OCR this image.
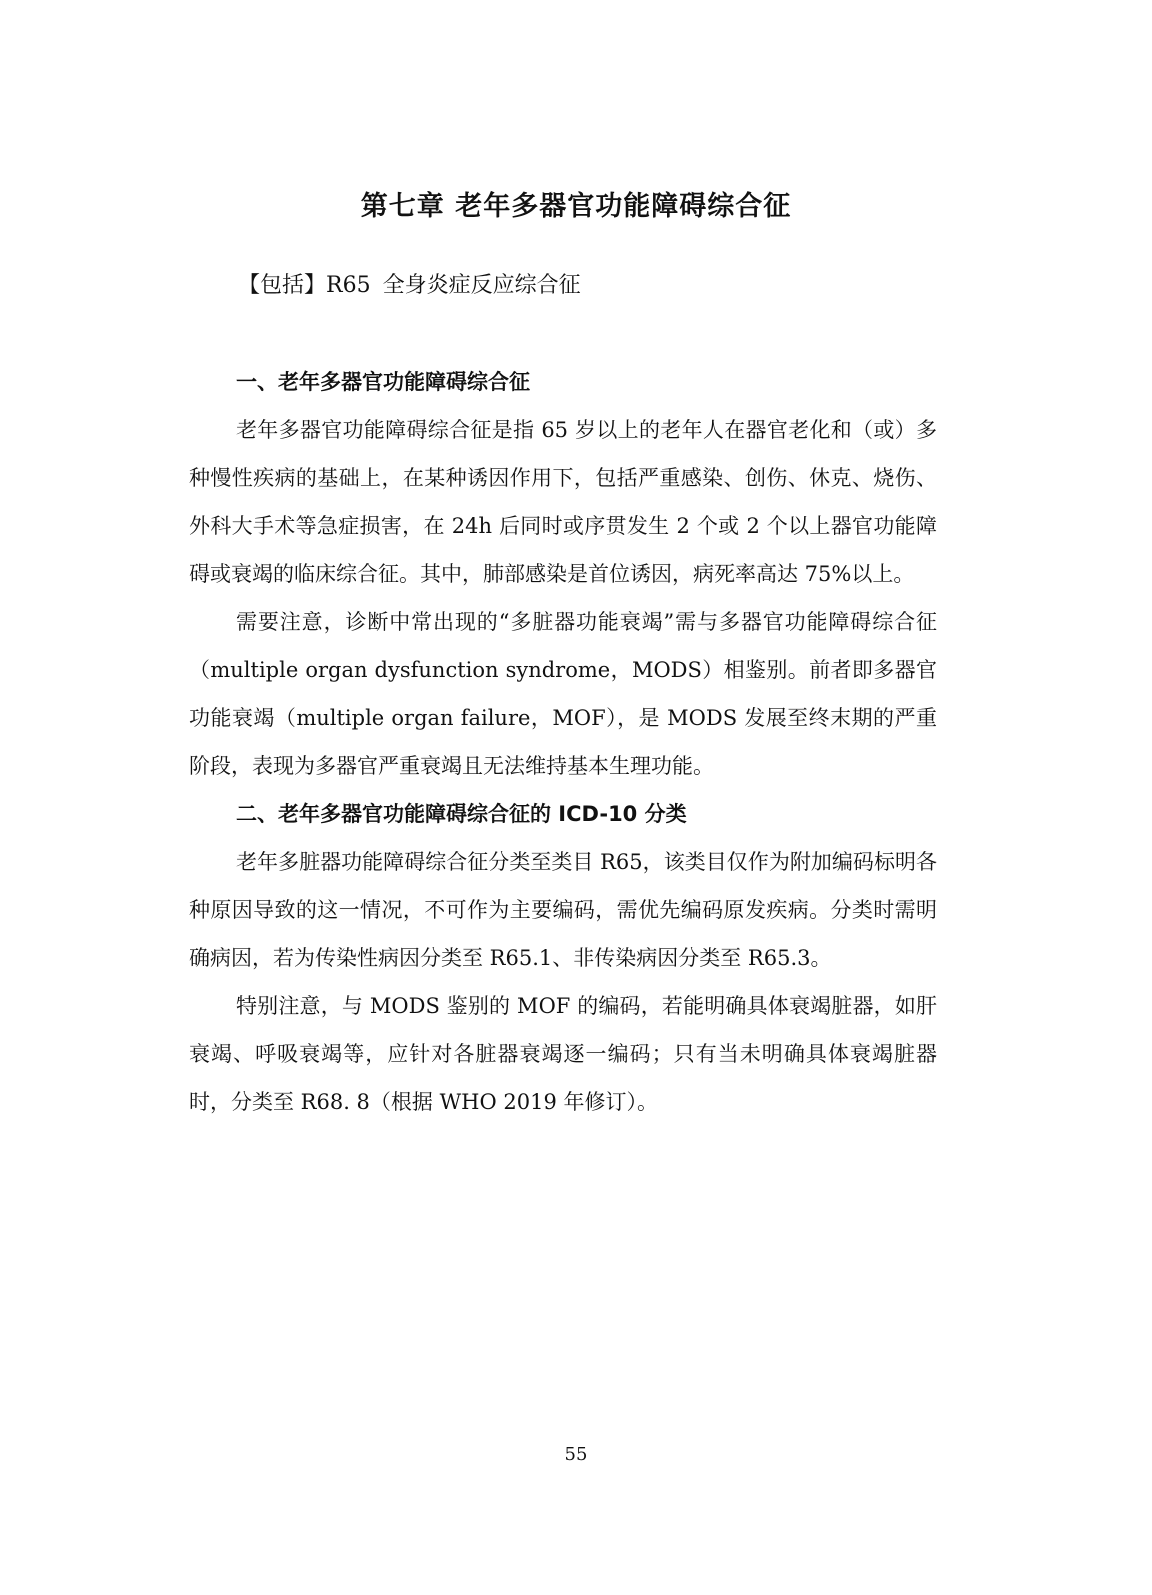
第七章 老年多器官功能障碍综合征

【包括】R65 全身炎症反应综合征

一、老年多器官功能障碍综合征

老年多器官功能障碍综合征是指 65 岁以上的老年人在器官老化和（或）多种慢性疾病的基础上，在某种诱因作用下，包括严重感染、创伤、休克、烧伤、外科大手术等急症损害，在 24h 后同时或序贯发生 2 个或 2 个以上器官功能障碍或衰竭的临床综合征。其中，肺部感染是首位诱因，病死率高达 75%以上。

需要注意，诊断中常出现的“多脏器功能衰竭”需与多器官功能障碍综合征（multiple organ dysfunction syndrome，MODS）相鉴别。前者即多器官功能衰竭（multiple organ failure，MOF），是 MODS 发展至终末期的严重阶段，表现为多器官严重衰竭且无法维持基本生理功能。

二、老年多器官功能障碍综合征的 ICD-10 分类

老年多脏器功能障碍综合征分类至类目 R65，该类目仅作为附加编码标明各种原因导致的这一情况，不可作为主要编码，需优先编码原发疾病。分类时需明确病因，若为传染性病因分类至 R65.1、非传染病因分类至 R65.3。

特别注意，与 MODS 鉴别的 MOF 的编码，若能明确具体衰竭脏器，如肝衰竭、呼吸衰竭等，应针对各脏器衰竭逐一编码；只有当未明确具体衰竭脏器时，分类至 R68. 8（根据 WHO 2019 年修订）。

55
